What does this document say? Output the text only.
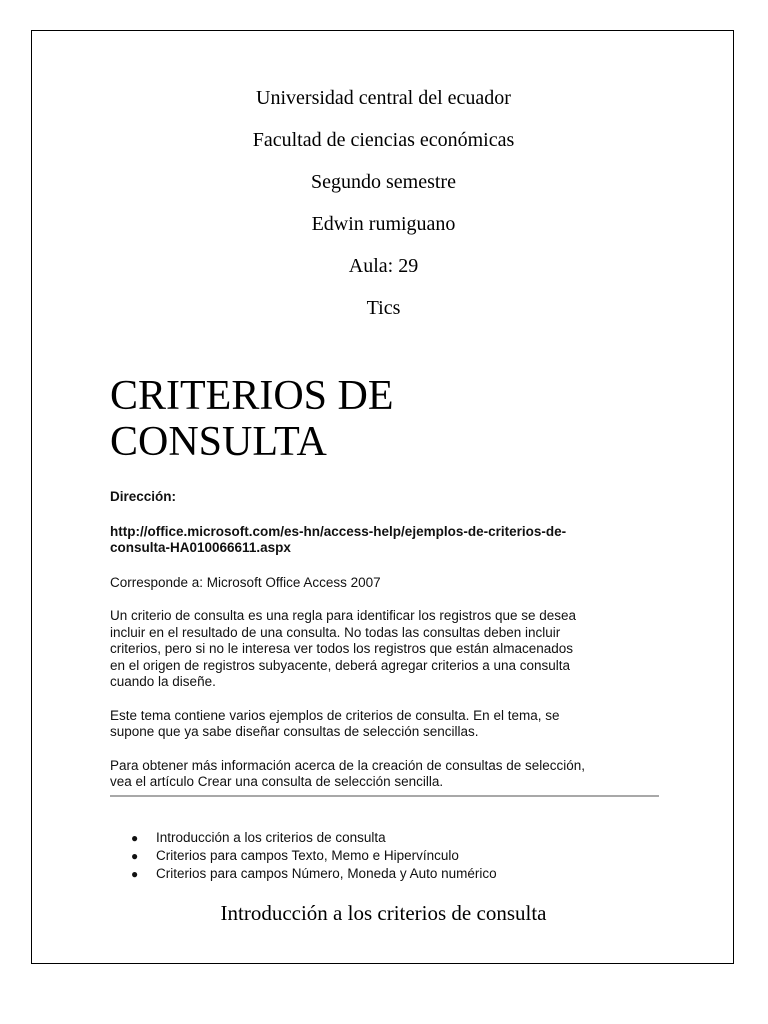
Universidad central del ecuador
Facultad de ciencias económicas
Segundo semestre
Edwin rumiguano
Aula: 29
Tics
CRITERIOS DE
CONSULTA
Dirección:
http://office.microsoft.com/es-hn/access-help/ejemplos-de-criterios-de-
consulta-HA010066611.aspx
Corresponde a: Microsoft Office Access 2007
Un criterio de consulta es una regla para identificar los registros que se desea
incluir en el resultado de una consulta. No todas las consultas deben incluir
criterios, pero si no le interesa ver todos los registros que están almacenados
en el origen de registros subyacente, deberá agregar criterios a una consulta
cuando la diseñe.
Este tema contiene varios ejemplos de criterios de consulta. En el tema, se
supone que ya sabe diseñar consultas de selección sencillas.
Para obtener más información acerca de la creación de consultas de selección,
vea el artículo Crear una consulta de selección sencilla.
● Introducción a los criterios de consulta
● Criterios para campos Texto, Memo e Hipervínculo
● Criterios para campos Número, Moneda y Auto numérico
Introducción a los criterios de consulta
